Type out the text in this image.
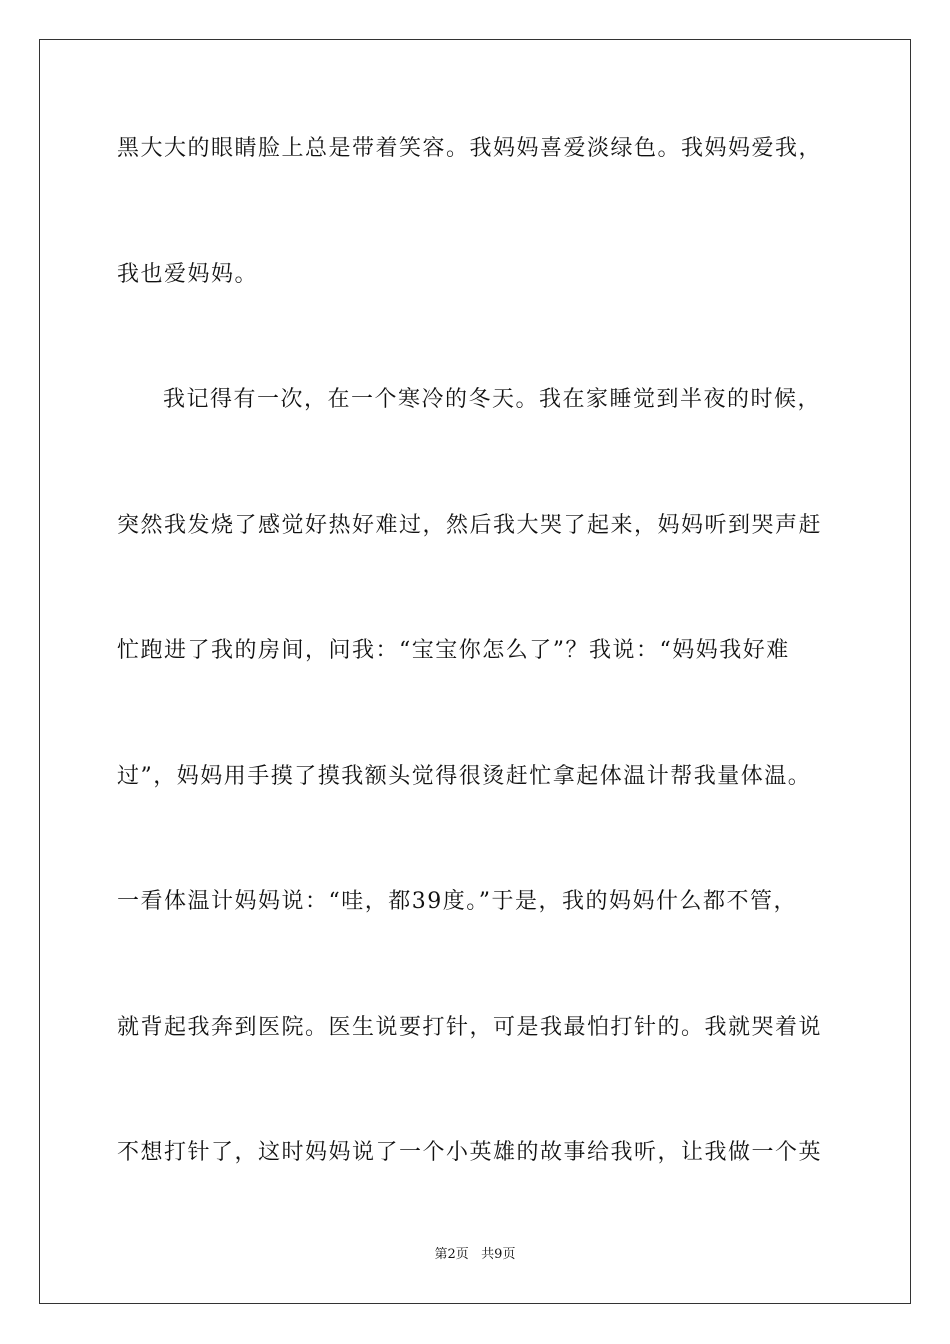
黑大大的眼睛脸上总是带着笑容。我妈妈喜爱淡绿色。我妈妈爱我，
我也爱妈妈。
我记得有一次，在一个寒冷的冬天。我在家睡觉到半夜的时候，
突然我发烧了感觉好热好难过，然后我大哭了起来，妈妈听到哭声赶
忙跑进了我的房间，问我：“宝宝你怎么了”？我说：“妈妈我好难
过”，妈妈用手摸了摸我额头觉得很烫赶忙拿起体温计帮我量体温。
一看体温计妈妈说：“哇，都39度。”于是，我的妈妈什么都不管，
就背起我奔到医院。医生说要打针，可是我最怕打针的。我就哭着说
不想打针了，这时妈妈说了一个小英雄的故事给我听，让我做一个英
第2页   共9页
